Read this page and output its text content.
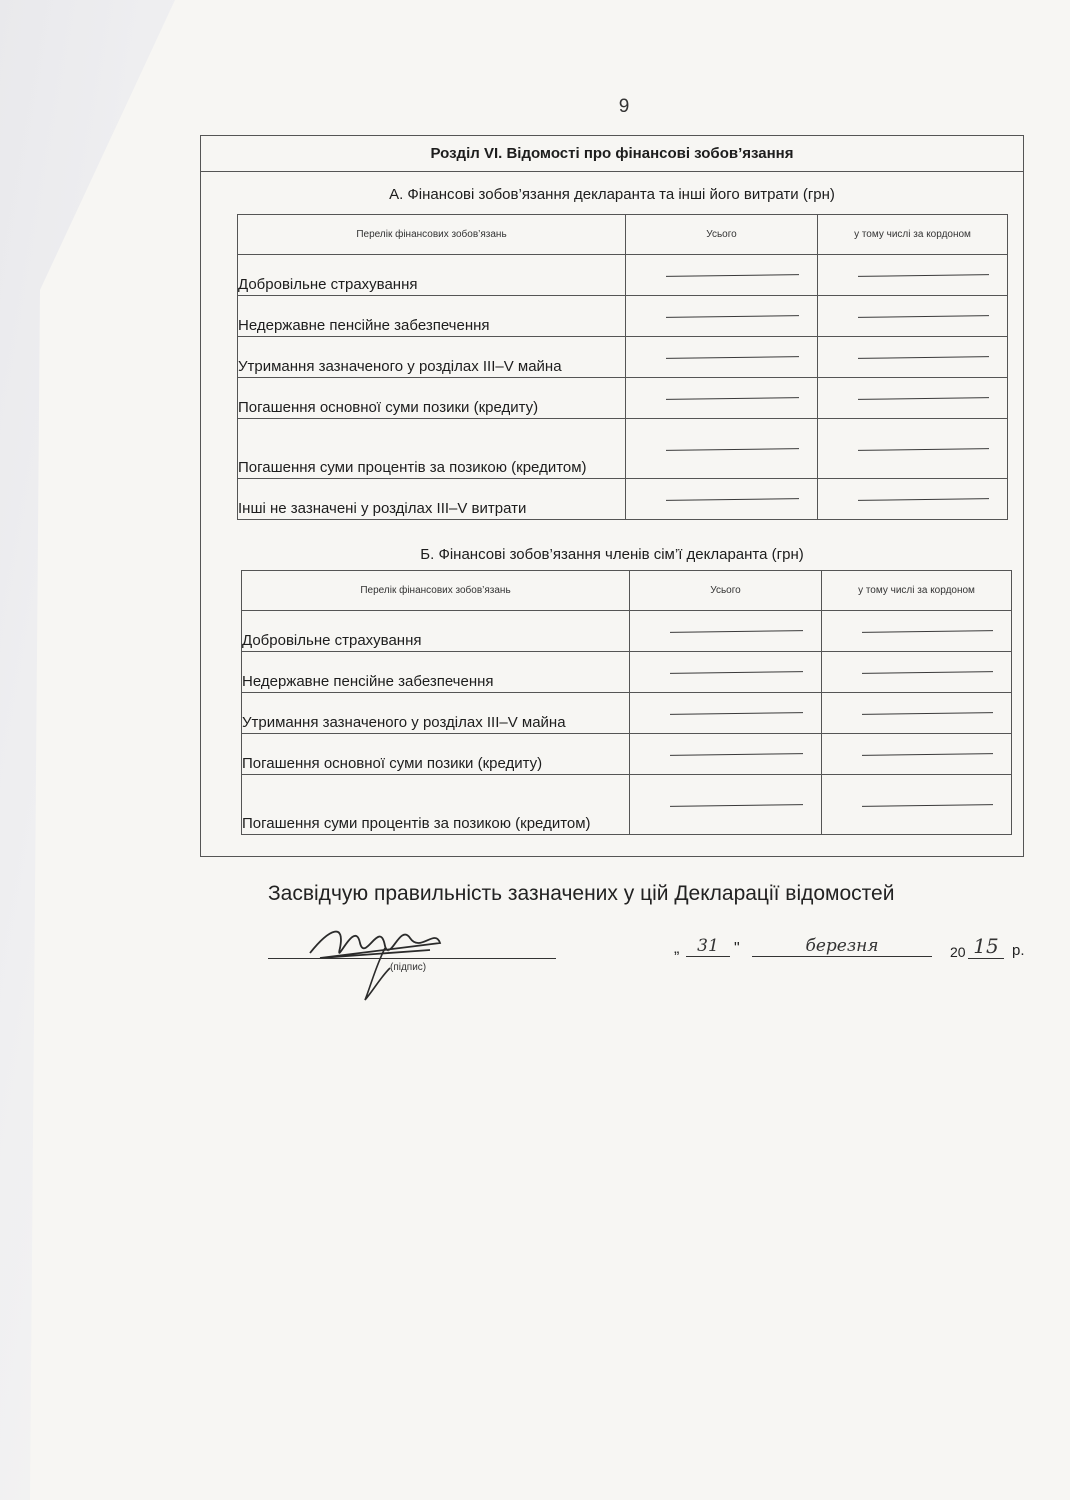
9
Розділ VI. Відомості про фінансові зобов’язання
А. Фінансові зобов’язання декларанта та інші його витрати (грн)
Перелік фінансових зобов’язань	Усього	у тому числі за кордоном
Добровільне страхування	

Недержавне пенсійне забезпечення	

Утримання зазначеного у розділах III–V майна	

Погашення основної суми позики (кредиту)	

Погашення суми процентів за позикою (кредитом)	

Інші не зазначені у розділах III–V витрати	

Б. Фінансові зобов’язання членів сім’ї декларанта (грн)
Перелік фінансових зобов’язань	Усього	у тому числі за кордоном
Добровільне страхування	

Недержавне пенсійне забезпечення	

Утримання зазначеного у розділах III–V майна	

Погашення основної суми позики (кредиту)	

Погашення суми процентів за позикою (кредитом)	

Засвідчую правильність зазначених у цій Декларації відомостей
(підпис)
„	31 "	березня	20 15 р.
